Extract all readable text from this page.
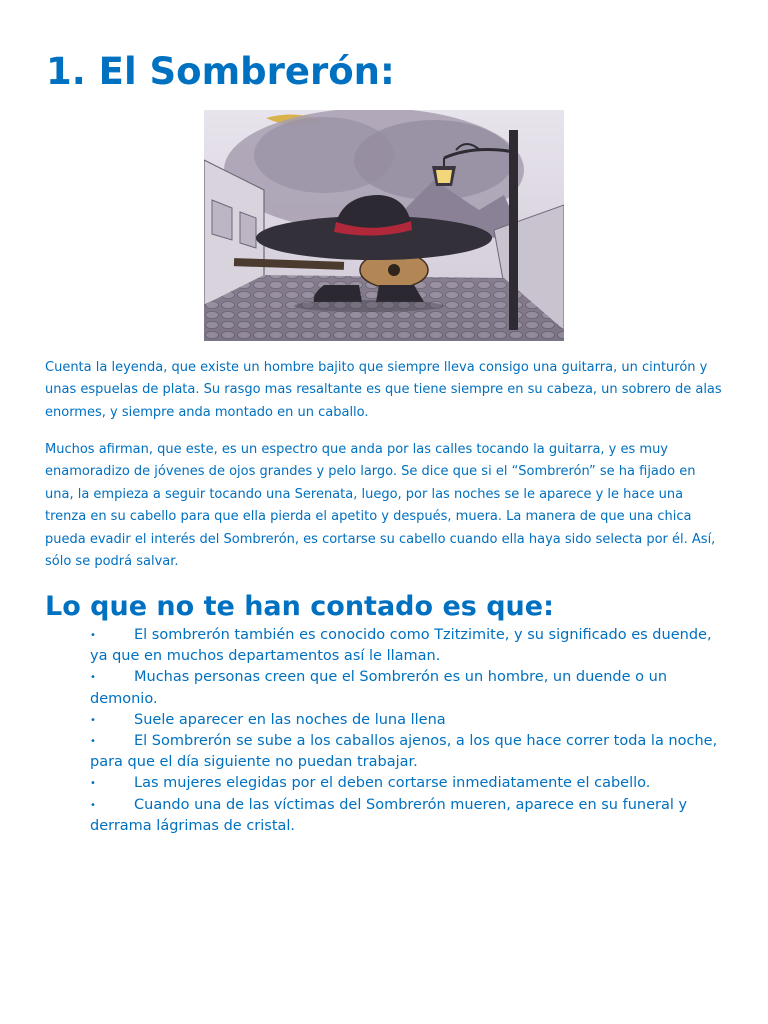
1. El Sombrerón:

Cuenta la leyenda, que existe un hombre bajito que siempre lleva consigo una guitarra, un cinturón y unas espuelas de plata. Su rasgo mas resaltante es que tiene siempre en su cabeza, un sobrero de alas enormes, y siempre anda montado en un caballo.

Muchos afirman, que este, es un espectro que anda por las calles tocando la guitarra, y es muy enamoradizo de jóvenes de ojos grandes y pelo largo. Se dice que si el “Sombrerón” se ha fijado en una, la empieza a seguir tocando una Serenata, luego, por las noches se le aparece y le hace una trenza en su cabello para que ella pierda el apetito y después, muera. La manera de que una chica pueda evadir el interés del Sombrerón, es cortarse su cabello cuando ella haya sido selecta por él. Así, sólo se podrá salvar.

Lo que no te han contado es que:
•	El sombrerón también es conocido como Tzitzimite, y su significado es duende, ya que en muchos departamentos así le llaman.
•	Muchas personas creen que el Sombrerón es un hombre, un duende o un demonio.
•	Suele aparecer en las noches de luna llena
•	El Sombrerón se sube a los caballos ajenos, a los que hace correr toda la noche, para que el día siguiente no puedan trabajar.
•	Las mujeres elegidas por el deben cortarse inmediatamente el cabello.
•	Cuando una de las víctimas del Sombrerón mueren, aparece en su funeral y derrama lágrimas de cristal.
